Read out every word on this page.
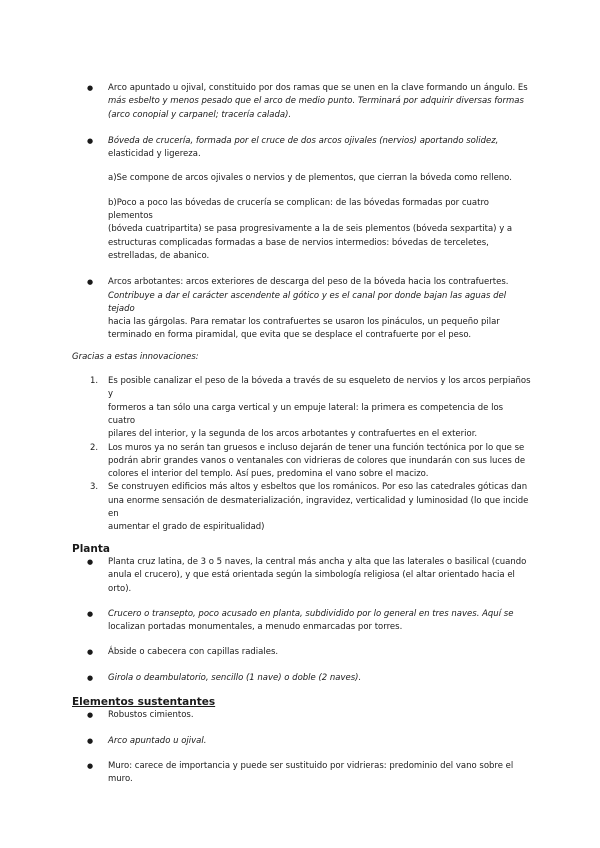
●	Arco apuntado u ojival, constituido por dos ramas que se unen en la clave formando un ángulo. Es

más esbelto y menos pesado que el arco de medio punto. Terminará por adquirir diversas formas

(arco conopial y carpanel; tracería calada).

●	Bóveda de crucería, formada por el cruce de dos arcos ojivales (nervios) aportando solidez,

elasticidad y ligereza.

a)Se compone de arcos ojivales o nervios y de plementos, que cierran la bóveda como relleno.

b)Poco a poco las bóvedas de crucería se complican: de las bóvedas formadas por cuatro plementos

(bóveda cuatripartita) se pasa progresivamente a la de seis plementos (bóveda sexpartita) y a

estructuras complicadas formadas a base de nervios intermedios: bóvedas de terceletes,

estrelladas, de abanico.

●	Arcos arbotantes: arcos exteriores de descarga del peso de la bóveda hacia los contrafuertes.

Contribuye a dar el carácter ascendente al gótico y es el canal por donde bajan las aguas del tejado

hacia las gárgolas. Para rematar los contrafuertes se usaron los pináculos, un pequeño pilar

terminado en forma piramidal, que evita que se desplace el contrafuerte por el peso.

Gracias a estas innovaciones:

1.	Es posible canalizar el peso de la bóveda a través de su esqueleto de nervios y los arcos perpiaños y

formeros a tan sólo una carga vertical y un empuje lateral: la primera es competencia de los cuatro

pilares del interior, y la segunda de los arcos arbotantes y contrafuertes en el exterior.

2.	Los muros ya no serán tan gruesos e incluso dejarán de tener una función tectónica por lo que se

podrán abrir grandes vanos o ventanales con vidrieras de colores que inundarán con sus luces de

colores el interior del templo. Así pues, predomina el vano sobre el macizo.

3.	Se construyen edificios más altos y esbeltos que los románicos. Por eso las catedrales góticas dan

una enorme sensación de desmaterialización, ingravidez, verticalidad y luminosidad (lo que incide en

aumentar el grado de espiritualidad)

Planta
●	Planta cruz latina, de 3 o 5 naves, la central más ancha y alta que las laterales o basilical (cuando

anula el crucero), y que está orientada según la simbología religiosa (el altar orientado hacia el

orto).

●	Crucero o transepto, poco acusado en planta, subdividido por lo general en tres naves. Aquí se

localizan portadas monumentales, a menudo enmarcadas por torres.

●	Ábside o cabecera con capillas radiales.

●	Girola o deambulatorio, sencillo (1 nave) o doble (2 naves).

Elementos sustentantes
●	Robustos cimientos.

●	Arco apuntado u ojival.

●	Muro: carece de importancia y puede ser sustituido por vidrieras: predominio del vano sobre el

muro.
